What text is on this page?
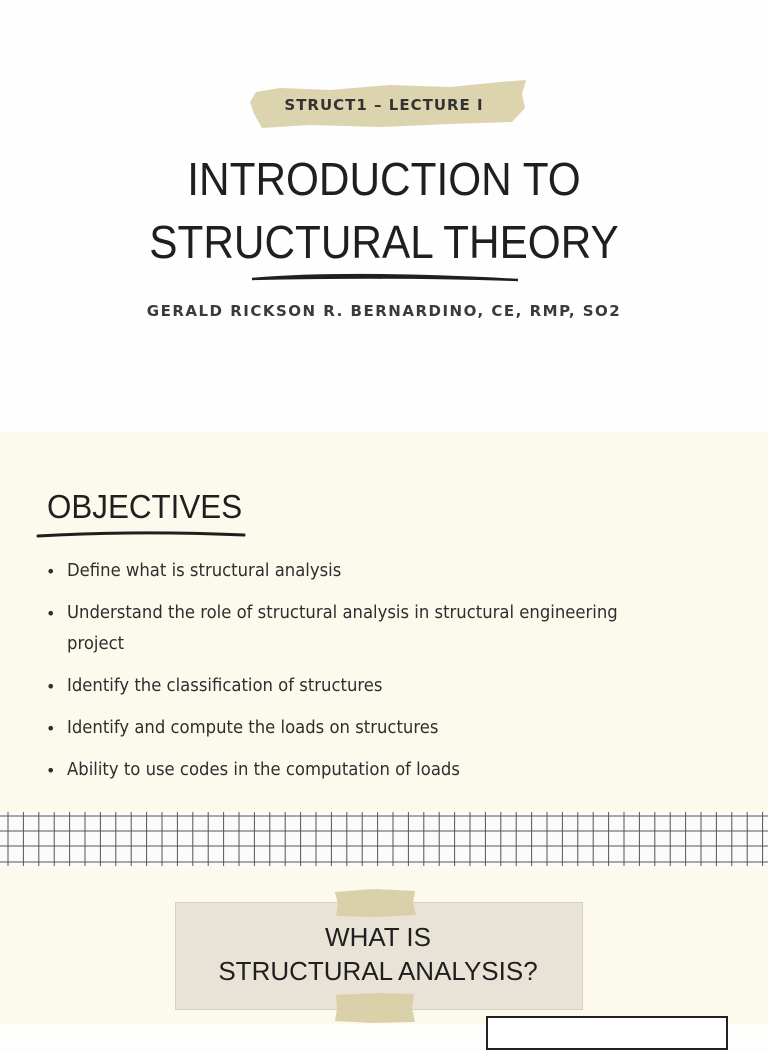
STRUCT1 – LECTURE I
INTRODUCTION TO
STRUCTURAL THEORY
GERALD RICKSON R. BERNARDINO, CE, RMP, SO2
OBJECTIVES
• Define what is structural analysis
• Understand the role of structural analysis in structural engineering project
• Identify the classification of structures
• Identify and compute the loads on structures
• Ability to use codes in the computation of loads
WHAT IS
STRUCTURAL ANALYSIS?
